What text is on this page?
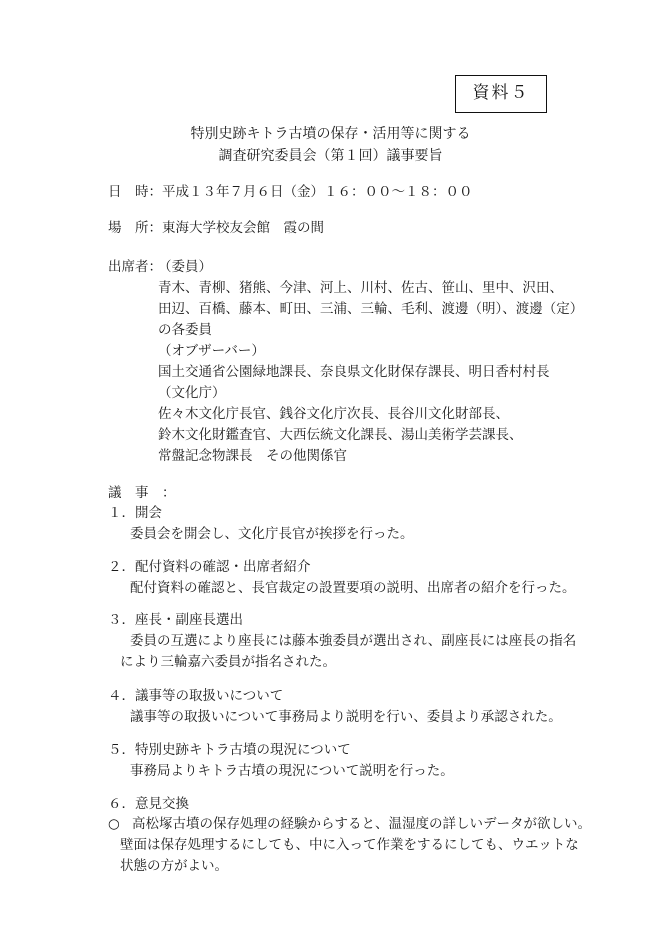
資料５
特別史跡キトラ古墳の保存・活用等に関する
調査研究委員会（第１回）議事要旨
日　時： 平成１３年７月６日（金）１６：００～１８：００
場　所： 東海大学校友会館　霞の間
出席者：
（委員）
青木、青柳、猪熊、今津、河上、川村、佐古、笹山、里中、沢田、
田辺、百橋、藤本、町田、三浦、三輪、毛利、渡邊（明）、渡邊（定）
の各委員
（オブザーバー）
国土交通省公園緑地課長、奈良県文化財保存課長、明日香村村長
（文化庁）
佐々木文化庁長官、銭谷文化庁次長、長谷川文化財部長、
鈴木文化財鑑査官、大西伝統文化課長、湯山美術学芸課長、
常盤記念物課長　その他関係官
議　事　：
１．開会
委員会を開会し、文化庁長官が挨拶を行った。
２．配付資料の確認・出席者紹介
配付資料の確認と、長官裁定の設置要項の説明、出席者の紹介を行った。
３．座長・副座長選出
委員の互選により座長には藤本強委員が選出され、副座長には座長の指名
により三輪嘉六委員が指名された。
４．議事等の取扱いについて
議事等の取扱いについて事務局より説明を行い、委員より承認された。
５．特別史跡キトラ古墳の現況について
事務局よりキトラ古墳の現況について説明を行った。
６．意見交換
○ 高松塚古墳の保存処理の経験からすると、温湿度の詳しいデータが欲しい。
壁面は保存処理するにしても、中に入って作業をするにしても、ウエットな
状態の方がよい。
